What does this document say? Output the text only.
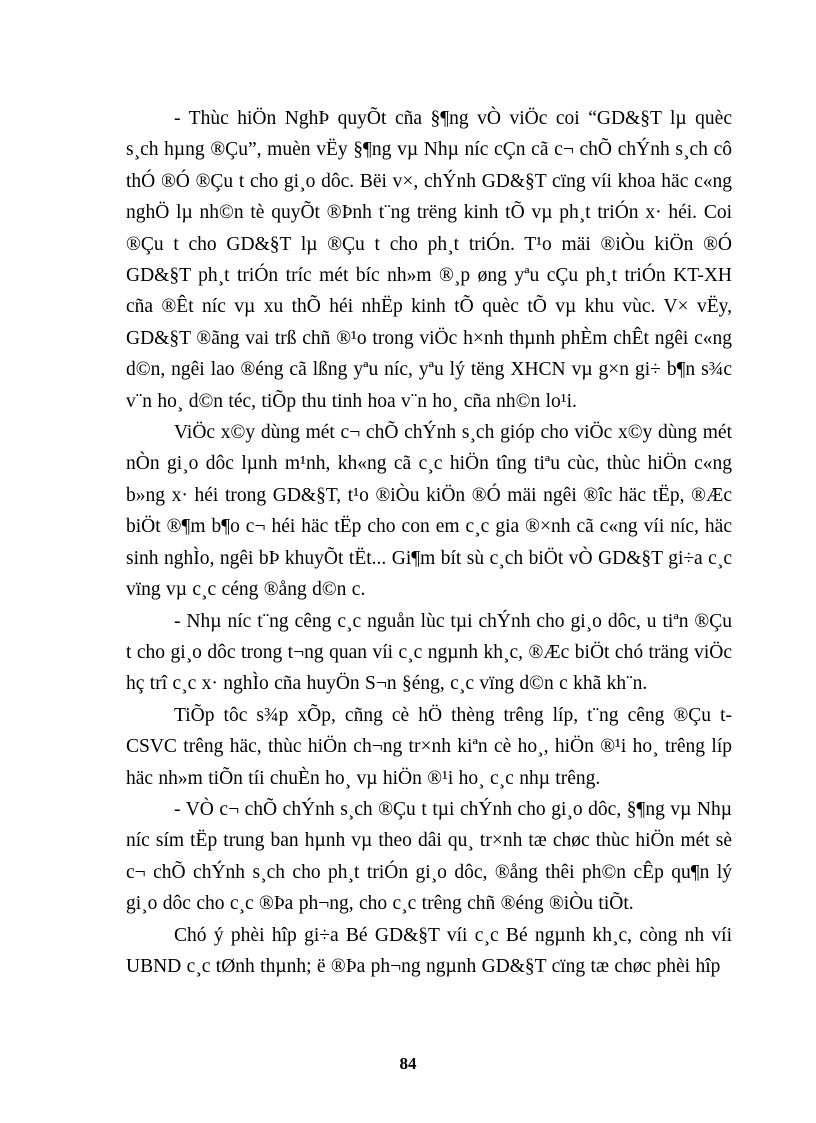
- Thùc hiÖn NghÞ quyÕt cña §¶ng vÒ viÖc coi “GD&§T lµ quèc s¸ch hµng ®Çu”, muèn vËy §¶ng vµ Nhµ níc cÇn cã c¬ chÕ chÝnh s¸ch cô thÓ ®Ó ®Çu t cho gi¸o dôc. Bëi v×, chÝnh GD&§T cïng víi khoa häc c«ng nghÖ lµ nh©n tè quyÕt ®Þnh t¨ng trëng kinh tÕ vµ ph¸t triÓn x· héi. Coi ®Çu t cho GD&§T lµ ®Çu t cho ph¸t triÓn. T¹o mäi ®iÒu kiÖn ®Ó GD&§T ph¸t triÓn tríc mét bíc nh»m ®¸p øng yªu cÇu ph¸t triÓn KT-XH cña ®Êt níc vµ xu thÕ héi nhËp kinh tÕ quèc tÕ vµ khu vùc. V× vËy, GD&§T ®ãng vai trß chñ ®¹o trong viÖc h×nh thµnh phÈm chÊt ngêi c«ng d©n, ngêi lao ®éng cã lßng yªu níc, yªu lý tëng XHCN vµ g×n gi÷ b¶n s¾c v¨n ho¸ d©n téc, tiÕp thu tinh hoa v¨n ho¸ cña nh©n lo¹i.

ViÖc x©y dùng mét c¬ chÕ chÝnh s¸ch gióp cho viÖc x©y dùng mét nÒn gi¸o dôc lµnh m¹nh, kh«ng cã c¸c hiÖn tîng tiªu cùc, thùc hiÖn c«ng b»ng x· héi trong GD&§T, t¹o ®iÒu kiÖn ®Ó mäi ngêi ®îc häc tËp, ®Æc biÖt ®¶m b¶o c¬ héi häc tËp cho con em c¸c gia ®×nh cã c«ng víi níc, häc sinh nghÌo, ngêi bÞ khuyÕt tËt... Gi¶m bít sù c¸ch biÖt vÒ GD&§T gi÷a c¸c vïng vµ c¸c céng ®ång d©n c.

- Nhµ níc t¨ng cêng c¸c nguån lùc tµi chÝnh cho gi¸o dôc, u tiªn ®Çu t cho gi¸o dôc trong t¬ng quan víi c¸c ngµnh kh¸c, ®Æc biÖt chó träng viÖc hç trî c¸c x· nghÌo cña huyÖn S¬n §éng, c¸c vïng d©n c khã kh¨n.

TiÕp tôc s¾p xÕp, cñng cè hÖ thèng trêng líp, t¨ng cêng ®Çu t CSVC trêng häc, thùc hiÖn ch¬ng tr×nh kiªn cè ho¸, hiÖn ®¹i ho¸ trêng líp häc nh»m tiÕn tíi chuÈn ho¸ vµ hiÖn ®¹i ho¸ c¸c nhµ trêng.

- VÒ c¬ chÕ chÝnh s¸ch ®Çu t tµi chÝnh cho gi¸o dôc, §¶ng vµ Nhµ níc sím tËp trung ban hµnh vµ theo dâi qu¸ tr×nh tæ chøc thùc hiÖn mét sè c¬ chÕ chÝnh s¸ch cho ph¸t triÓn gi¸o dôc, ®ång thêi ph©n cÊp qu¶n lý gi¸o dôc cho c¸c ®Þa ph¬ng, cho c¸c trêng chñ ®éng ®iÒu tiÕt.

Chó ý phèi hîp gi÷a Bé GD&§T víi c¸c Bé ngµnh kh¸c, còng nh víi UBND c¸c tØnh thµnh; ë ®Þa ph¬ng ngµnh GD&§T cïng tæ chøc phèi hîp

84
